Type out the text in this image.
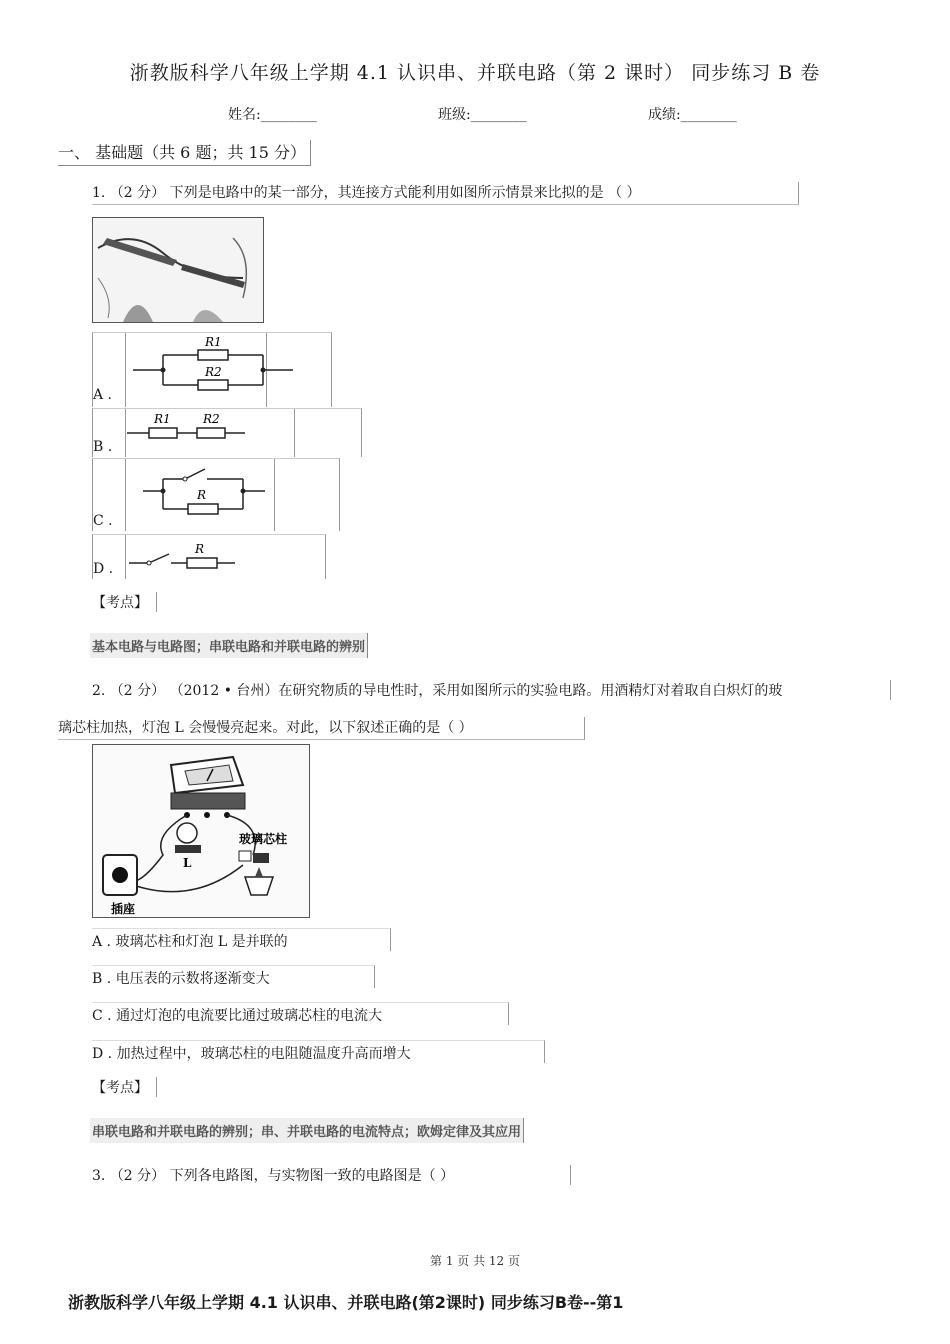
浙教版科学八年级上学期 4.1 认识串、并联电路（第 2 课时） 同步练习 B 卷
姓名:________	班级:________	成绩:________
一、 基础题（共 6 题；共 15 分）
1. （2 分） 下列是电路中的某一部分，其连接方式能利用如图所示情景来比拟的是 （ ）
A .
R1
R2
B .
R1	R2
C .
R
D .
R
【考点】
基本电路与电路图；串联电路和并联电路的辨别
2. （2 分） （2012 • 台州）在研究物质的导电性时，采用如图所示的实验电路。用酒精灯对着取自白炽灯的玻
璃芯柱加热，灯泡 L 会慢慢亮起来。对此，以下叙述正确的是（ ）
L
玻璃芯柱
插座
A . 玻璃芯柱和灯泡 L 是并联的
B . 电压表的示数将逐渐变大
C . 通过灯泡的电流要比通过玻璃芯柱的电流大
D . 加热过程中，玻璃芯柱的电阻随温度升高而增大
【考点】
串联电路和并联电路的辨别；串、并联电路的电流特点；欧姆定律及其应用
3. （2 分） 下列各电路图，与实物图一致的电路图是（ ）
第 1 页 共 12 页
浙教版科学八年级上学期 4.1 认识串、并联电路(第2课时) 同步练习B卷--第1
